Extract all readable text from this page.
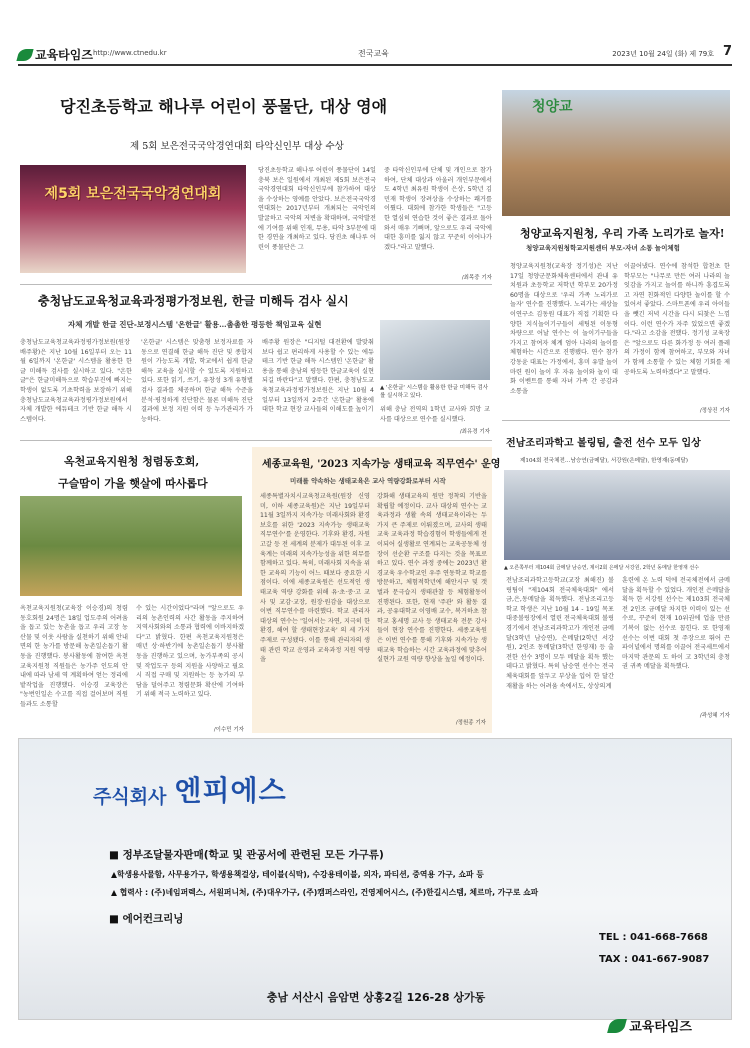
교육타임즈 http://www.ctnedu.kr	전국교육	2023년 10월 24일 (화) 제 79호 7
당진초등학교 해나루 어린이 풍물단, 대상 영애
제 5회 보은전국국악경연대회 타악신인부 대상 수상
제5회 보은전국국악경연대회
당진초등학교 해나루 어린이 풍물단이 14일 충북 보은 일원에서 개최된 제5회 보은전국국악경연대회 타악신인부에 참가하여 대상을 수상하는 영예를 안았다. 보은전국국악경연대회는 2017년부터 개최되는 국악인의 발굴하고 국악의 저변을 확대하며, 국악발전에 기여를 위해 인재, 무용, 타악 3부문에 대한 경연을 개최하고 있다. 당진초 해나루 어린이 풍물단은 그
중 타악신인부에 단체 및 개인으로 참가하여, 단체 대상과 아울러 개인부문에서도 4학년 최유원 학생이 은상, 5학년 김민재 학생이 장려상을 수상하는 쾌거를 이뤘다. 대회에 참가한 학생들은 "고등한 열심히 연습한 것이 좋은 결과로 돌아와서 매우 기뻐며, 앞으로도 우리 국악에 대한 흥미를 잃지 않고 꾸준히 이어나가겠다."라고 말했다.
/최목중 기자
충청남도교육청교육과정평가정보원, 한글 미해득 검사 실시
자체 개발 한글 진단-보정시스템 '온한글' 활용…촘촘한 평등한 책임교육 실현
충청남도교육청교육과정평가정보원(원장 배주황)은 지난 10월 16일부터 오는 11월 6일까지 '온한글' 시스템을 활용한 한글 미해득 검사를 실시하고 있다. "온한글"은 한글미해득으로 학습부진에 빠지는 학생이 없도록 기초학력을 보장하기 위해 충청남도교육청교육과정평가정보원에서 자체 개발한 에듀테크 기반 한글 해득 시스템이다.
'온한글' 시스템은 맞춤형 보정자료를 자동으로 연결해 한글 해득 진단 및 종합지원이 가능도록 개발, 학교에서 쉽게 한글 해득 교육을 실시할 수 있도록 지원하고 있다. 또한 읽기, 쓰기, 유창성 3개 유형별 검사 결과를 체공하며 한글 해득 수준을 분석·평정하게 진단함은 물론 미해득 진단 결과에 보정 지원 이력 등 누가관리가 가능하다.
배주황 원장은 "디지털 대전환에 발맞춰 보다 쉽고 편리하게 사용할 수 있는 에듀테크 기반 한글 해득 시스템인 '온한글' 활용을 통해 충남의 평등한 한글교육이 실현되길 바란다"고 말했다. 한편, 충청남도교육청교육과정평가정보원은 지난 10월 4일부터 13일까지 2주간 '온한글' 활용에 대한 학교 현장 교사들의 이해도를 높이기
▲ '온한글' 시스템을 활용한 한글 미해득 검사를 실시하고 있다.
위해 충남 전역의 1학년 교사와 희망 교사를 대상으로 연수를 실시했다.
/최유경 기자
옥천교육지원청 청렴동호회,
구슬땀이 가을 햇살에 따사롭다
옥천교육지원청(교육장 이승경)의 청렴동호회원 24명은 18일 업도주의 어려움을 돕고 있는 농촌을 돕고 우리 고장 농산물 및 이웃 사람을 실천하기 위해 안내면의 한 농가를 방문해 농촌일손돕기 활동을 진행했다. 봉사활동에 참여한 옥천교육지원청 직원들은 농가주 인도의 안내에 따라 남세 역 계획하여 얻는 정리에 밭작업을 진행했다. 이승경 교육장은 "농번인일손 수고를 직접 걸어보며 직원들과도 소통할
수 있는 시간이었다"라며 "앞으로도 우리의 농촌인력의 사간 활동을 주지하여 지역사회와의 소통과 협력에 이바지하겠다"고 밝혔다. 한편 옥천교육지원청은 매년 상·하반기에 농촌일손돕기 봉사활동을 진행하고 있으며, 농가부족의 공시 및 작업도구 등의 지원을 사양하고 필요시 직접 구매 및 지원하는 등 농가의 부담을 덜어주고 청렴문화 확산에 기여하기 위해 적극 노력하고 있다.
/이수민 기자
세종교육원, '2023 지속가능 생태교육 직무연수' 운영
미래를 약속하는 생태교육은 교사 역량강화로부터 시작
세종특별자치시교육청교육원(원장 신영미, 이하 세종교육원)은 지난 19일부터 11월 3일까지 지속가능 미래사회와 환경 보호를 위한 '2023 지속가능 생태교육 직무연수'를 운영한다. 기후와 환경, 자원 고갈 등 전 세계의 분제가 대두된 이후 교육계는 미래의 지속가능성을 위한 의무를 함께하고 있다. 특히, 미래사회 지속을 위한 교육의 기능이 어느 때보다 중요한 시점이다. 이에 세종교육원은 선도적인 생태교육 역량 강화를 위해 유·초·중·고 교사 및 교감·교장, 원장·원감을 대상으로 이번 직무연수를 마련했다. 학교 관리자 대상의 연수는 '일어서는 자연, 지극히 한 환경, 해여 할 생태현장교육' 의 세 가지 주제로 구성됐다. 이를 통해 관리자의 생태 관련 학교 운영과 교육과정 지원 역량을
강화해 생태교육의 원만 정착의 기반을 확립할 예정이다. 교사 대상의 연수는 교육과정과 생활 속의 생태교육이라는 두 가지 큰 주제로 이뤄졌으며, 교사의 생태교육 교육과정 학습경험이 학생들에게 전이되어 실생활로 연계되는 교육공동체 성장이 선순환 구조를 다지는 것을 목표로 하고 있다. 연수 과정 중에는 2023년 환경교육 우수학교인 우주 연동학교 학교를 방문하고, 체험적학년에 해안시구 및 갯벌과 문극습지 생태관찰 등 체험활동이 진행된다. 또한, 현재 '주관' 와 활동 결과, 공유대학교 이영배 교수, 복거하초 참학교 홍세명 교사 등 생태교육 전문 강사들이 현장 연수를 진행한다. 세종교육원은 이번 연수를 통해 기후와 지속가능 생태교육 학습하는 시간 교육과정에 맞추어 실현가 교원 역량 향상을 높일 예정이다.
/정원종 기자
청양교
청양교육지원청, 우리 가족 노리가로 놀자!
청양교육지원청학교지원센터 부모-자녀 소통 놀이체험
청양교육지원청(교육장 정기성)은 지난 17일 청양군문화체육센터에서 관내 유치원과 초등학교 저학년 학부모 20가정 60명을 대상으로 '우리 가족 노리가로 놀자' 연수를 진행했다. 노리가는 세상놀이연구소 김동원 대표가 직접 기획한 다양한 지식놀이기구들이 세팅된 이동형 차량으로 어날 연수는 이 놀이기구들을 가지고 참여자 체계 엄아 나라의 놀이를 체험하는 시간으로 진행됐다. 연수 참가 강동윤 대표는 가정에서, 흥미 유발 놀이 마련 원이 놀이 후 자유 놀이와 놀이 대화 이벤트를 통해 자녀 가족 간 공감과 소통을
이끌어냈다. 연수에 참석한 합천초 한 학부모는 "나무로 만든 여러 나라의 놀잇감을 가지고 놀이를 하니까 흥겹도록고 자연 친화적인 다양한 놀이를 할 수 있어서 좋았다. 스마트폰에 우리 아이들을 뺏긴 저녁 시간을 다시 되찾은 느낌이다. 이런 연수가 자주 있었으면 좋겠다."라고 소감을 전했다. 정기성 교육장은 "앞으로도 다른 화가정 등 여러 플레의 가정이 함께 참여하고, 부모와 자녀가 함께 소통할 수 있는 체험 기회를 제공하도록 노력하겠다"고 말했다.
/정상진 기자
전남조리과학고 볼링팀, 출전 선수 모두 입상
제104회 전국체전…남승연(금메달), 서강원(은메달), 한영재(동메달)
▲ 오른쪽부터 제104회 금메달 남승연, 제이2회 은메달 서강원, 2학년 동메달 한영재 선수
전남조리과학고등학교(교장 최해진) 볼링팀이 "제104회 전국체육대회" 에서 금,은,동메달을 획득했다. 전남조리고등학교 학생은 지난 10월 14 - 19일 목포 대중볼링장에서 열린 전국체육대회 볼링 경기에서 전남조리과학고가 개인전 금메달(3학년 남승연), 은메달(2학년 서강원), 2인조 동메달(3학년 한영재) 등 출전한 선수 3명이 모두 메달을 획득 했는데다고 밝혔다. 특히 남승연 선수는 전국체육대회를 앞두고 부상을 입어 한 달간 재활을 하는 어려움 속에서도, 상상의계
훈련에 온 노력 덕에 전국체전에서 금메달을 획득할 수 있었다. 개인전 은메달을 획득 한 서강원 선수는 제103회 전국체전 2인조 금메달 차지한 이력이 있는 선수로, 꾸준히 현재 10위권에 업을 만큼 기복이 없는 선수로 꼽힌다. 또 한영재 선수는 이번 대회 첫 주장으로 뛰어 끈 파이널에서 명의를 이끌어 전국세트에서 마지막 관문의 도 하이 고 3학년의 충청권 귀족 메달을 획득했다.
/곽성혜 기자
주식회사 엔피에스
■ 정부조달물자판매(학교 및 관공서에 관련된 모든 가구류)
▲학생용사물함, 사무용가구, 학생용책걸상, 테이블(식탁), 수강용테이블, 의자, 파티션, 중역용 가구, 쇼파 등
▲ 협력사 : (주)네임퍼렉스, 서원퍼니처, (주)대우가구, (주)캠퍼스라인, 건영제어시스, (주)한길시스템, 체르마, 가구로 쇼파
■ 에어컨크리닝
TEL : 041-668-7668
TAX : 041-667-9087
충남 서산시 음암면 상홍2길 126-28 상가동
교육타임즈
